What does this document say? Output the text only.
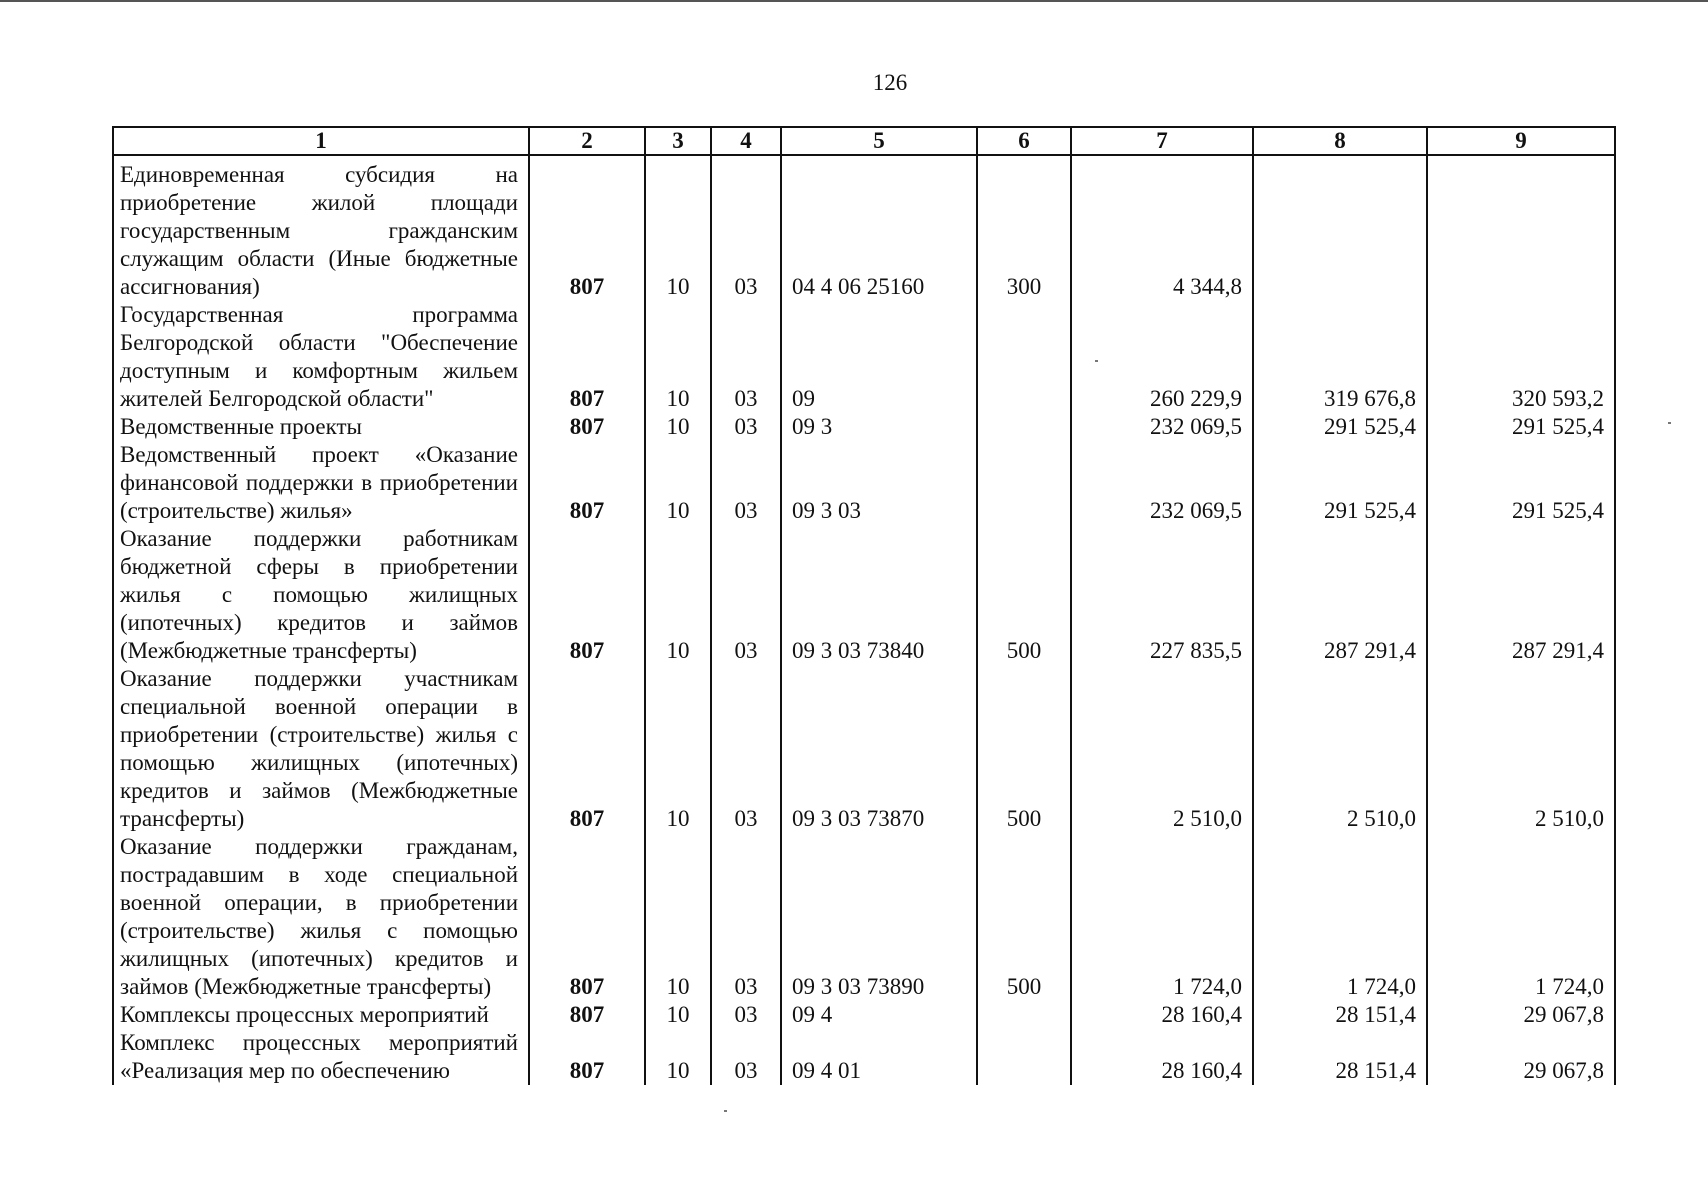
126
1	2	3	4	5	6	7	8	9
Единовременная субсидия на приобретение жилой площади государственным гражданским служащим области (Иные бюджетные ассигнования)	807	10	03	04 4 06 25160	300	4 344,8		
Государственная программа Белгородской области "Обеспечение доступным и комфортным жильем жителей Белгородской области"	807	10	03	09		260 229,9	319 676,8	320 593,2
Ведомственные проекты	807	10	03	09 3		232 069,5	291 525,4	291 525,4
Ведомственный проект «Оказание финансовой поддержки в приобретении (строительстве) жилья»	807	10	03	09 3 03		232 069,5	291 525,4	291 525,4
Оказание поддержки работникам бюджетной сферы в приобретении жилья с помощью жилищных (ипотечных) кредитов и займов (Межбюджетные трансферты)	807	10	03	09 3 03 73840	500	227 835,5	287 291,4	287 291,4
Оказание поддержки участникам специальной военной операции в приобретении (строительстве) жилья с помощью жилищных (ипотечных) кредитов и займов (Межбюджетные трансферты)	807	10	03	09 3 03 73870	500	2 510,0	2 510,0	2 510,0
Оказание поддержки гражданам, пострадавшим в ходе специальной военной операции, в приобретении (строительстве) жилья с помощью жилищных (ипотечных) кредитов и займов (Межбюджетные трансферты)	807	10	03	09 3 03 73890	500	1 724,0	1 724,0	1 724,0
Комплексы процессных мероприятий	807	10	03	09 4		28 160,4	28 151,4	29 067,8
Комплекс процессных мероприятий «Реализация мер по обеспечению	807	10	03	09 4 01		28 160,4	28 151,4	29 067,8
